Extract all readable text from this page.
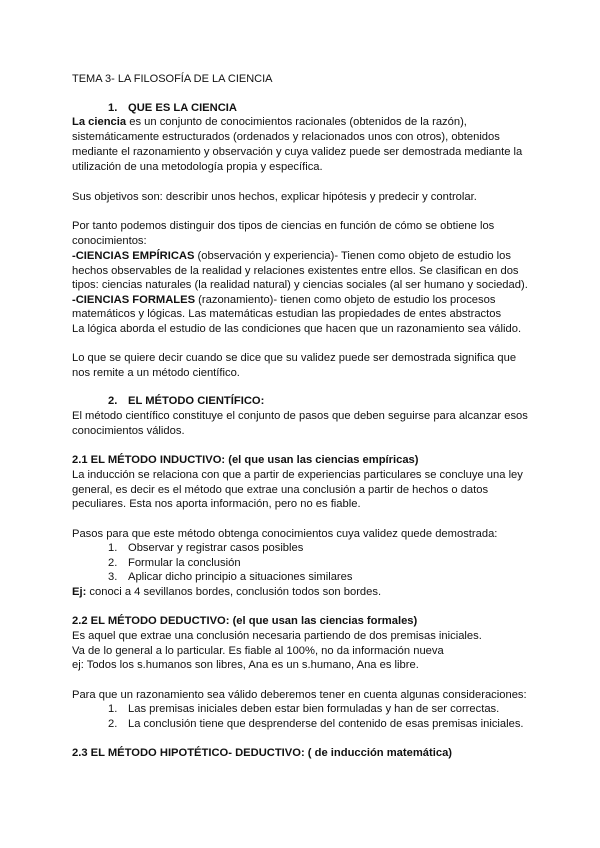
TEMA 3- LA FILOSOFÍA DE LA CIENCIA
1. QUE ES LA CIENCIA
La ciencia es un conjunto de conocimientos racionales (obtenidos de la razón),
sistemáticamente estructurados (ordenados y relacionados unos con otros), obtenidos
mediante el razonamiento y observación y cuya validez puede ser demostrada mediante la
utilización de una metodología propia y específica.
Sus objetivos son: describir unos hechos, explicar hipótesis y predecir y controlar.
Por tanto podemos distinguir dos tipos de ciencias en función de cómo se obtiene los
conocimientos:
-CIENCIAS EMPÍRICAS (observación y experiencia)- Tienen como objeto de estudio los
hechos observables de la realidad y relaciones existentes entre ellos. Se clasifican en dos
tipos: ciencias naturales (la realidad natural) y ciencias sociales (al ser humano y sociedad).
-CIENCIAS FORMALES (razonamiento)- tienen como objeto de estudio los procesos
matemáticos y lógicas. Las matemáticas estudian las propiedades de entes abstractos
La lógica aborda el estudio de las condiciones que hacen que un razonamiento sea válido.
Lo que se quiere decir cuando se dice que su validez puede ser demostrada significa que
nos remite a un método científico.
2. EL MÉTODO CIENTÍFICO:
El método científico constituye el conjunto de pasos que deben seguirse para alcanzar esos
conocimientos válidos.
2.1 EL MÉTODO INDUCTIVO: (el que usan las ciencias empíricas)
La inducción se relaciona con que a partir de experiencias particulares se concluye una ley
general, es decir es el método que extrae una conclusión a partir de hechos o datos
peculiares. Esta nos aporta información, pero no es fiable.
Pasos para que este método obtenga conocimientos cuya validez quede demostrada:
1. Observar y registrar casos posibles
2. Formular la conclusión
3. Aplicar dicho principio a situaciones similares
Ej: conoci a 4 sevillanos bordes, conclusión todos son bordes.
2.2 EL MÉTODO DEDUCTIVO: (el que usan las ciencias formales)
Es aquel que extrae una conclusión necesaria partiendo de dos premisas iniciales.
Va de lo general a lo particular. Es fiable al 100%, no da información nueva
ej: Todos los s.humanos son libres, Ana es un s.humano, Ana es libre.
Para que un razonamiento sea válido deberemos tener en cuenta algunas consideraciones:
1. Las premisas iniciales deben estar bien formuladas y han de ser correctas.
2. La conclusión tiene que desprenderse del contenido de esas premisas iniciales.
2.3 EL MÉTODO HIPOTÉTICO- DEDUCTIVO: ( de inducción matemática)
